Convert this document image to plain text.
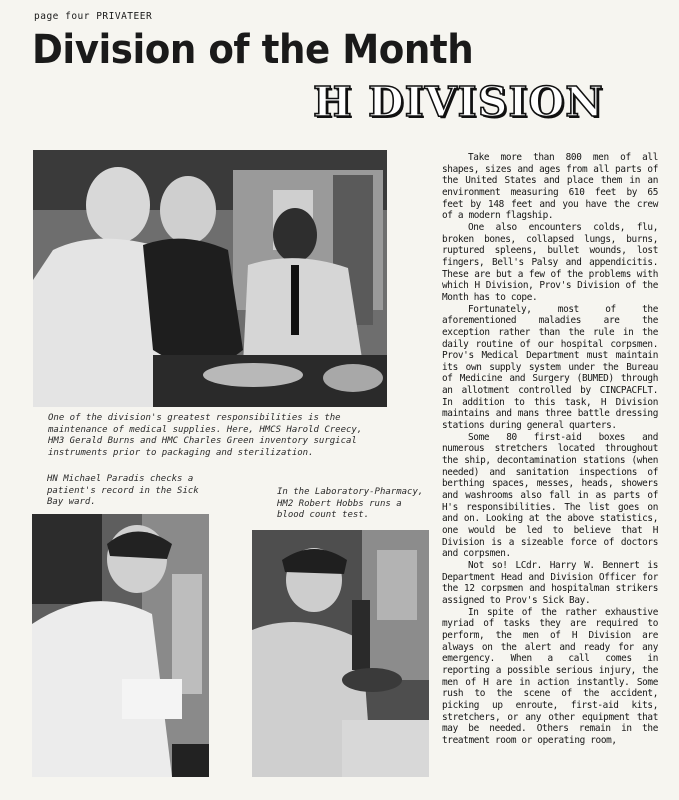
page four PRIVATEER
Division of the Month
H DIVISION
One of the division's greatest responsibilities is the maintenance of medical supplies. Here, HMCS Harold Creecy, HM3 Gerald Burns and HMC Charles Green inventory surgical instruments prior to packaging and sterilization.
HN Michael Paradis checks a patient's record in the Sick Bay ward.
In the Laboratory-Pharmacy, HM2 Robert Hobbs runs a blood count test.

Take more than 800 men of all shapes, sizes and ages from all parts of the United States and place them in an environment measuring 610 feet by 65 feet by 148 feet and you have the crew of a modern flagship.

One also encounters colds, flu, broken bones, collapsed lungs, burns, ruptured spleens, bullet wounds, lost fingers, Bell's Palsy and appendicitis. These are but a few of the problems with which H Division, Prov's Division of the Month has to cope.

Fortunately, most of the aforementioned maladies are the exception rather than the rule in the daily routine of our hospital corpsmen. Prov's Medical Department must maintain its own supply system under the Bureau of Medicine and Surgery (BUMED) through an allotment controlled by CINCPACFLT. In addition to this task, H Division maintains and mans three battle dressing stations during general quarters.

Some 80 first-aid boxes and numerous stretchers located throughout the ship, decontamination stations (when needed) and sanitation inspections of berthing spaces, messes, heads, showers and washrooms also fall in as parts of H's responsibilities. The list goes on and on. Looking at the above statistics, one would be led to believe that H Division is a sizeable force of doctors and corpsmen.

Not so! LCdr. Harry W. Bennert is Department Head and Division Officer for the 12 corpsmen and hospitalman strikers assigned to Prov's Sick Bay.

In spite of the rather exhaustive myriad of tasks they are required to perform, the men of H Division are always on the alert and ready for any emergency. When a call comes in reporting a possible serious injury, the men of H are in action instantly. Some rush to the scene of the accident, picking up enroute, first-aid kits, stretchers, or any other equipment that may be needed. Others remain in the treatment room or operating room,
